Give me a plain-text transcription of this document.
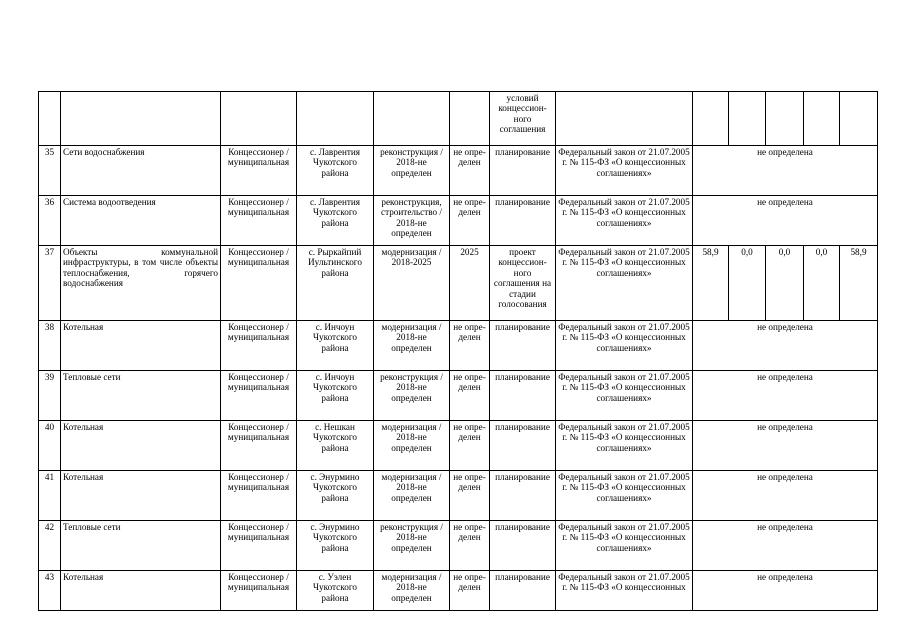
						условий концессион-ного соглашения						
35	Сети водоснабжения	Концессионер / муниципальная	с. Лаврентия Чукотского района	реконструкция / 2018-не определен	не опре-делен	планирование	Федеральный закон от 21.07.2005 г. № 115-ФЗ «О концессионных соглашениях»	не определена				
36	Система водоотведения	Концессионер / муниципальная	с. Лаврентия Чукотского района	реконструкция, строительство / 2018-не определен	не опре-делен	планирование	Федеральный закон от 21.07.2005 г. № 115-ФЗ «О концессионных соглашениях»	не определена				
37	Объекты коммунальной инфраструктуры, в том числе объекты теплоснабжения, горячего водоснабжения	Концессионер / муниципальная	с. Рыркайпий Иультинского района	модернизация / 2018-2025	2025	проект концессион-ного соглашения на стадии голосования	Федеральный закон от 21.07.2005 г. № 115-ФЗ «О концессионных соглашениях»	58,9	0,0	0,0	0,0	58,9
38	Котельная	Концессионер / муниципальная	с. Инчоун Чукотского района	модернизация / 2018-не определен	не опре-делен	планирование	Федеральный закон от 21.07.2005 г. № 115-ФЗ «О концессионных соглашениях»	не определена				
39	Тепловые сети	Концессионер / муниципальная	с. Инчоун Чукотского района	реконструкция / 2018-не определен	не опре-делен	планирование	Федеральный закон от 21.07.2005 г. № 115-ФЗ «О концессионных соглашениях»	не определена				
40	Котельная	Концессионер / муниципальная	с. Нешкан Чукотского района	модернизация / 2018-не определен	не опре-делен	планирование	Федеральный закон от 21.07.2005 г. № 115-ФЗ «О концессионных соглашениях»	не определена				
41	Котельная	Концессионер / муниципальная	с. Энурмино Чукотского района	модернизация / 2018-не определен	не опре-делен	планирование	Федеральный закон от 21.07.2005 г. № 115-ФЗ «О концессионных соглашениях»	не определена				
42	Тепловые сети	Концессионер / муниципальная	с. Энурмино Чукотского района	реконструкция / 2018-не определен	не опре-делен	планирование	Федеральный закон от 21.07.2005 г. № 115-ФЗ «О концессионных соглашениях»	не определена				
43	Котельная	Концессионер / муниципальная	с. Уэлен Чукотского района	модернизация / 2018-не определен	не опре-делен	планирование	Федеральный закон от 21.07.2005 г. № 115-ФЗ «О концессионных	не определена				
